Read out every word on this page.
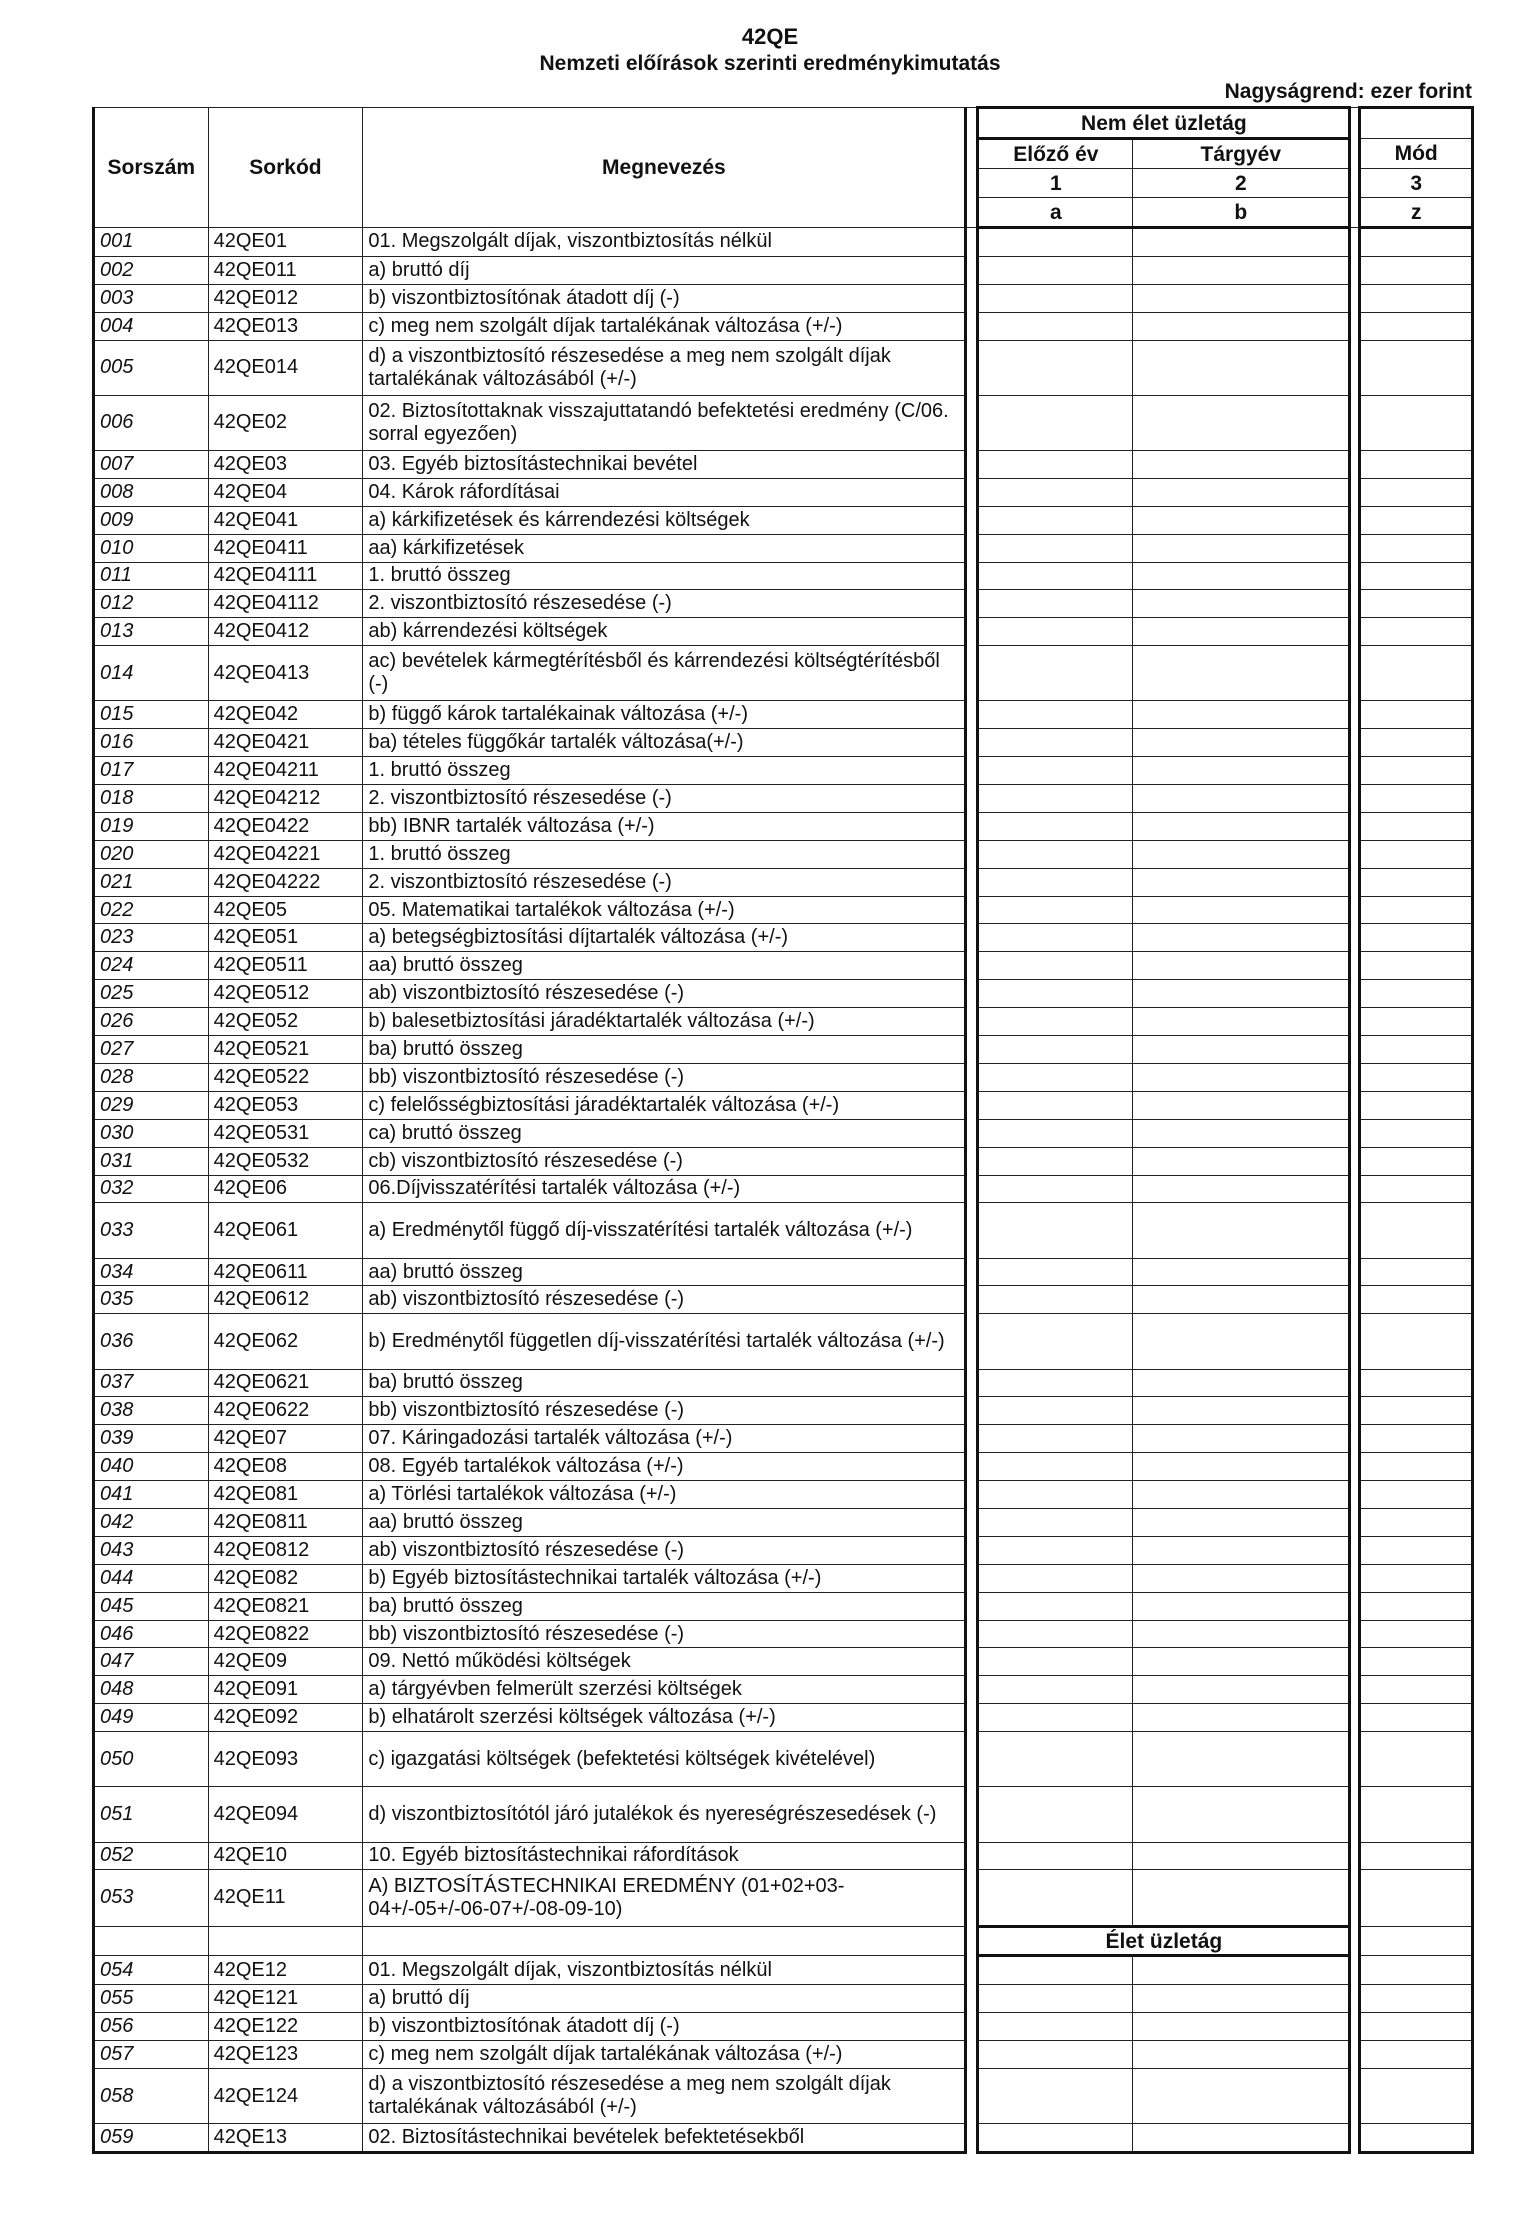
42QE
Nemzeti előírások szerinti eredménykimutatás
Nagyságrend: ezer forint
Sorszám	Sorkód	Megnevezés		Nem élet üzletág			
				Előző év	Tárgyév		Mód
				1	2		3
				a	b		z
001	42QE01	01. Megszolgált díjak, viszontbiztosítás nélkül					
002	42QE011	a) bruttó díj					
003	42QE012	b) viszontbiztosítónak átadott díj (-)					
004	42QE013	c) meg nem szolgált díjak tartalékának változása (+/-)					
005	42QE014	d) a viszontbiztosító részesedése a meg nem szolgált díjak tartalékának változásából (+/-)					
006	42QE02	02. Biztosítottaknak visszajuttatandó befektetési eredmény (C/06. sorral egyezően)					
007	42QE03	03. Egyéb biztosítástechnikai bevétel					
008	42QE04	04. Károk ráfordításai					
009	42QE041	a) kárkifizetések és kárrendezési költségek					
010	42QE0411	aa) kárkifizetések					
011	42QE04111	1. bruttó összeg					
012	42QE04112	2. viszontbiztosító részesedése (-)					
013	42QE0412	ab) kárrendezési költségek					
014	42QE0413	ac) bevételek kármegtérítésből és kárrendezési költségtérítésből (-)					
015	42QE042	b) függő károk tartalékainak változása (+/-)					
016	42QE0421	ba) tételes függőkár tartalék változása(+/-)					
017	42QE04211	1. bruttó összeg					
018	42QE04212	2. viszontbiztosító részesedése (-)					
019	42QE0422	bb) IBNR tartalék változása (+/-)					
020	42QE04221	1. bruttó összeg					
021	42QE04222	2. viszontbiztosító részesedése (-)					
022	42QE05	05. Matematikai tartalékok változása (+/-)					
023	42QE051	a) betegségbiztosítási díjtartalék változása (+/-)					
024	42QE0511	aa) bruttó összeg					
025	42QE0512	ab) viszontbiztosító részesedése (-)					
026	42QE052	b) balesetbiztosítási járadéktartalék változása (+/-)					
027	42QE0521	ba) bruttó összeg					
028	42QE0522	bb) viszontbiztosító részesedése (-)					
029	42QE053	c) felelősségbiztosítási járadéktartalék változása (+/-)					
030	42QE0531	ca) bruttó összeg					
031	42QE0532	cb) viszontbiztosító részesedése (-)					
032	42QE06	06.Díjvisszatérítési tartalék változása (+/-)					
033	42QE061	a) Eredménytől függő díj-visszatérítési tartalék változása (+/-)					
034	42QE0611	aa) bruttó összeg					
035	42QE0612	ab) viszontbiztosító részesedése (-)					
036	42QE062	b) Eredménytől független díj-visszatérítési tartalék változása (+/-)					
037	42QE0621	ba) bruttó összeg					
038	42QE0622	bb) viszontbiztosító részesedése (-)					
039	42QE07	07. Káringadozási tartalék változása (+/-)					
040	42QE08	08. Egyéb tartalékok változása (+/-)					
041	42QE081	a) Törlési tartalékok változása (+/-)					
042	42QE0811	aa) bruttó összeg					
043	42QE0812	ab) viszontbiztosító részesedése (-)					
044	42QE082	b) Egyéb biztosítástechnikai tartalék változása (+/-)					
045	42QE0821	ba) bruttó összeg					
046	42QE0822	bb) viszontbiztosító részesedése (-)					
047	42QE09	09. Nettó működési költségek					
048	42QE091	a) tárgyévben felmerült szerzési költségek					
049	42QE092	b) elhatárolt szerzési költségek változása (+/-)					
050	42QE093	c) igazgatási költségek (befektetési költségek kivételével)					
051	42QE094	d) viszontbiztosítótól járó jutalékok és nyereségrészesedések (-)					
052	42QE10	10. Egyéb biztosítástechnikai ráfordítások					
053	42QE11	A) BIZTOSÍTÁSTECHNIKAI EREDMÉNY (01+02+03-04+/-05+/-06-07+/-08-09-10)					
				Élet üzletág			
054	42QE12	01. Megszolgált díjak, viszontbiztosítás nélkül					
055	42QE121	a) bruttó díj					
056	42QE122	b) viszontbiztosítónak átadott díj (-)					
057	42QE123	c) meg nem szolgált díjak tartalékának változása (+/-)					
058	42QE124	d) a viszontbiztosító részesedése a meg nem szolgált díjak tartalékának változásából (+/-)					
059	42QE13	02. Biztosítástechnikai bevételek befektetésekből					
